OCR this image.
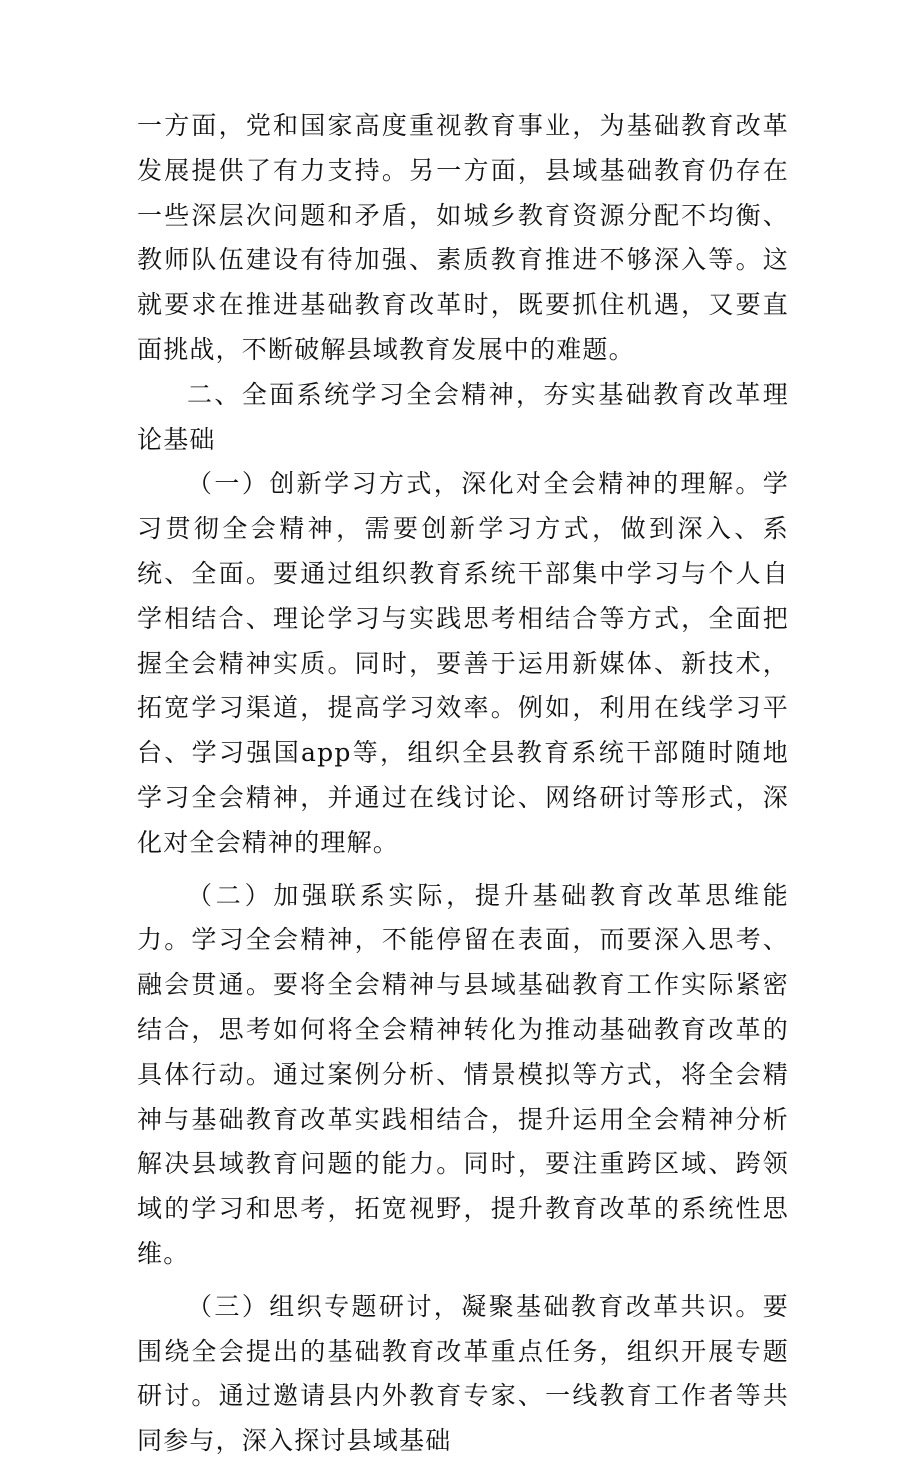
一方面，党和国家高度重视教育事业，为基础教育改革发展提供了有力支持。另一方面，县域基础教育仍存在一些深层次问题和矛盾，如城乡教育资源分配不均衡、教师队伍建设有待加强、素质教育推进不够深入等。这就要求在推进基础教育改革时，既要抓住机遇，又要直面挑战，不断破解县域教育发展中的难题。

二、全面系统学习全会精神，夯实基础教育改革理论基础

（一）创新学习方式，深化对全会精神的理解。学习贯彻全会精神，需要创新学习方式，做到深入、系统、全面。要通过组织教育系统干部集中学习与个人自学相结合、理论学习与实践思考相结合等方式，全面把握全会精神实质。同时，要善于运用新媒体、新技术，拓宽学习渠道，提高学习效率。例如，利用在线学习平台、学习强国app等，组织全县教育系统干部随时随地学习全会精神，并通过在线讨论、网络研讨等形式，深化对全会精神的理解。

（二）加强联系实际，提升基础教育改革思维能力。学习全会精神，不能停留在表面，而要深入思考、融会贯通。要将全会精神与县域基础教育工作实际紧密结合，思考如何将全会精神转化为推动基础教育改革的具体行动。通过案例分析、情景模拟等方式，将全会精神与基础教育改革实践相结合，提升运用全会精神分析解决县域教育问题的能力。同时，要注重跨区域、跨领域的学习和思考，拓宽视野，提升教育改革的系统性思维。

（三）组织专题研讨，凝聚基础教育改革共识。要围绕全会提出的基础教育改革重点任务，组织开展专题研讨。通过邀请县内外教育专家、一线教育工作者等共同参与，深入探讨县域基础
